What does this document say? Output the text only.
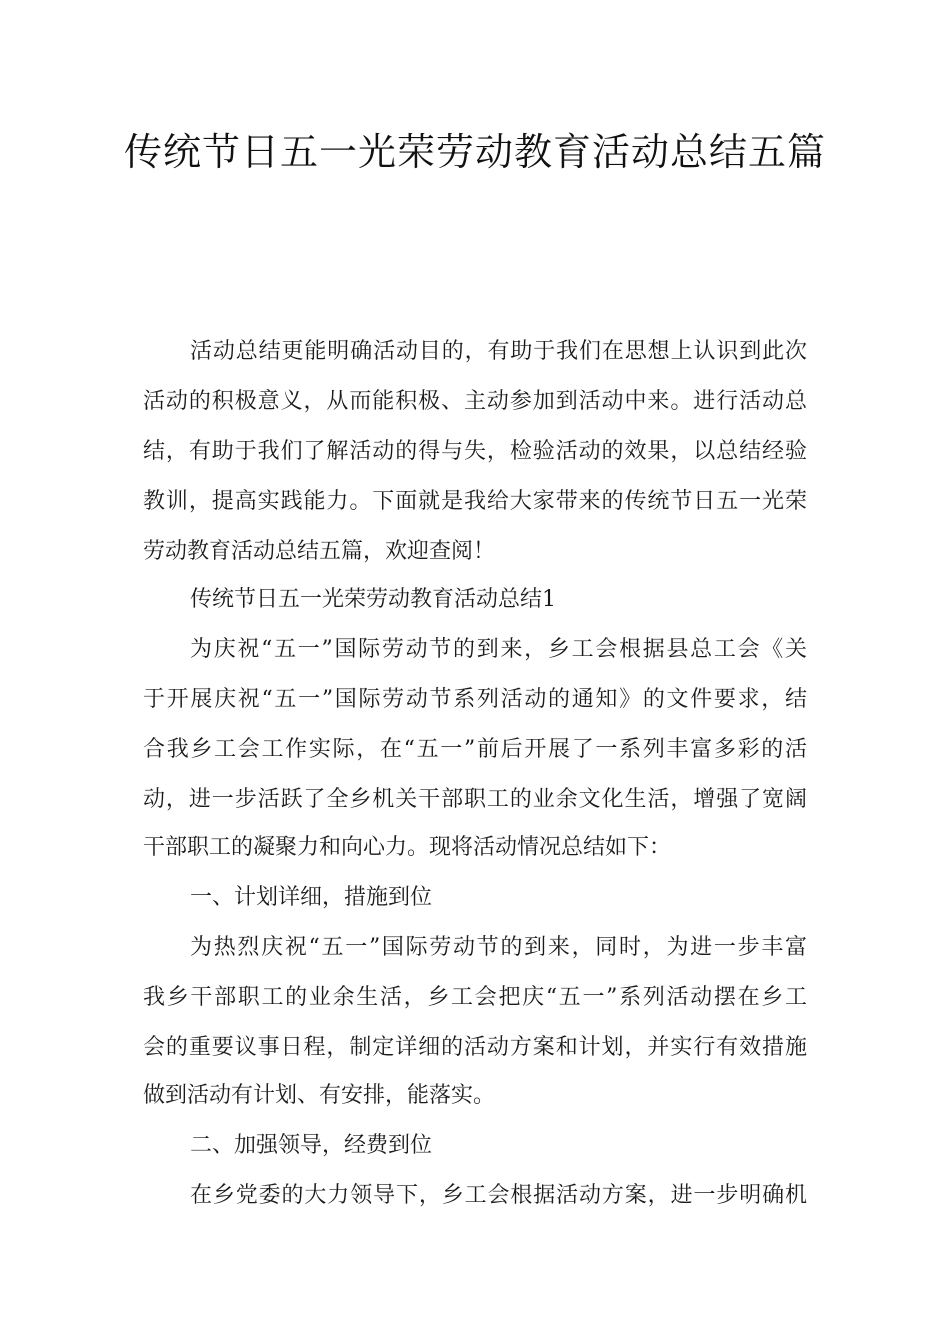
传统节日五一光荣劳动教育活动总结五篇
活动总结更能明确活动目的，有助于我们在思想上认识到此次
活动的积极意义，从而能积极、主动参加到活动中来。进行活动总
结，有助于我们了解活动的得与失，检验活动的效果，以总结经验
教训，提高实践能力。下面就是我给大家带来的传统节日五一光荣
劳动教育活动总结五篇，欢迎查阅！
传统节日五一光荣劳动教育活动总结1
为庆祝“五一”国际劳动节的到来，乡工会根据县总工会《关
于开展庆祝“五一”国际劳动节系列活动的通知》的文件要求，结
合我乡工会工作实际，在“五一”前后开展了一系列丰富多彩的活
动，进一步活跃了全乡机关干部职工的业余文化生活，增强了宽阔
干部职工的凝聚力和向心力。现将活动情况总结如下：
一、计划详细，措施到位
为热烈庆祝“五一”国际劳动节的到来，同时，为进一步丰富
我乡干部职工的业余生活，乡工会把庆“五一”系列活动摆在乡工
会的重要议事日程，制定详细的活动方案和计划，并实行有效措施
做到活动有计划、有安排，能落实。
二、加强领导，经费到位
在乡党委的大力领导下，乡工会根据活动方案，进一步明确机
